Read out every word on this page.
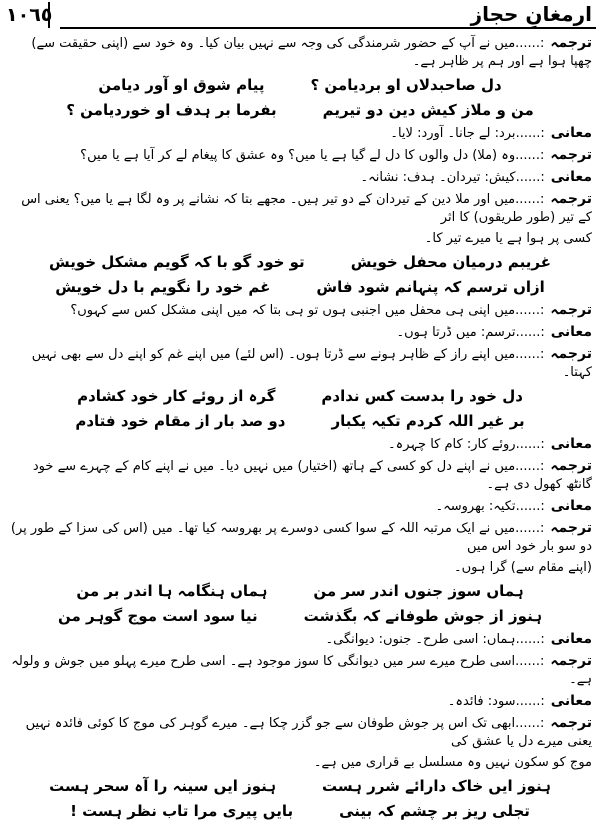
١٠٦٥	ارمغانِ حجاز
ترجمہ:......میں نے آپ کے حضور شرمندگی کی وجہ سے نہیں بیان کیا۔ وہ خود سے (اپنی حقیقت سے) چھپا ہوا ہے اور ہم پر ظاہر ہے۔
دل صاحبدلاں او بردیامن ؟
پیام شوق او آور دیامن
من و ملاز کیش دین دو تیریم
بفرما بر ہدف او خوردیامن ؟
معانی:......برد: لے جانا۔ آورد: لایا۔
ترجمہ:......وہ (ملا) دل والوں کا دل لے گیا ہے یا میں؟ وہ عشق کا پیغام لے کر آیا ہے یا میں؟
معانی:......کیش: تیردان۔ ہدف: نشانہ۔
ترجمہ:......میں اور ملا دین کے تیردان کے دو تیر ہیں۔ مجھے بتا کہ نشانے پر وہ لگا ہے یا میں؟ یعنی اس کے تیر (طور طریقوں) کا اثر
کسی پر ہوا ہے یا میرے تیر کا۔
غریبم درمیان محفل خویش
تو خود گو با کہ گویم مشکل خویش
ازاں ترسم کہ پنہانم شود فاش
غم خود را نگویم با دل خویش
ترجمہ:......میں اپنی ہی محفل میں اجنبی ہوں تو ہی بتا کہ میں اپنی مشکل کس سے کہوں؟
معانی:......ترسم: میں ڈرتا ہوں۔
ترجمہ:......میں اپنے راز کے ظاہر ہونے سے ڈرتا ہوں۔ (اس لئے) میں اپنے غم کو اپنے دل سے بھی نہیں کہتا۔
دل خود را بدست کس ندادم
گرہ از روئے کار خود کشادم
بر غیر اللہ کردم تکیہ یکبار
دو صد بار از مقام خود فتادم
معانی:......روئے کار: کام کا چہرہ۔
ترجمہ:......میں نے اپنے دل کو کسی کے ہاتھ (اختیار) میں نہیں دیا۔ میں نے اپنے کام کے چہرے سے خود گانٹھ کھول دی ہے۔
معانی:......تکیہ: بھروسہ۔
ترجمہ:......میں نے ایک مرتبہ اللہ کے سوا کسی دوسرے پر بھروسہ کیا تھا۔ میں (اس کی سزا کے طور پر) دو سو بار خود اس میں
(اپنے مقام سے) گرا ہوں۔
ہماں سوز جنوں اندر سر من
ہماں ہنگامہ ہا اندر بر من
ہنوز از جوش طوفانے کہ بگذشت
نیا سود است موج گوہر من
معانی:......ہماں: اسی طرح۔ جنوں: دیوانگی۔
ترجمہ:......اسی طرح میرے سر میں دیوانگی کا سوز موجود ہے۔ اسی طرح میرے پہلو میں جوش و ولولہ ہے۔
معانی:......سود: فائدہ۔
ترجمہ:......ابھی تک اس پر جوش طوفان سے جو گزر چکا ہے۔ میرے گوہر کی موج کا کوئی فائدہ نہیں یعنی میرے دل یا عشق کی
موج کو سکون نہیں وہ مسلسل بے قراری میں ہے۔
ہنوز ایں خاک دارائے شرر ہست
ہنوز ایں سینہ را آہ سحر ہست
تجلی ریز بر چشم کہ بینی
بایں پیری مرا تاب نظر ہست !
